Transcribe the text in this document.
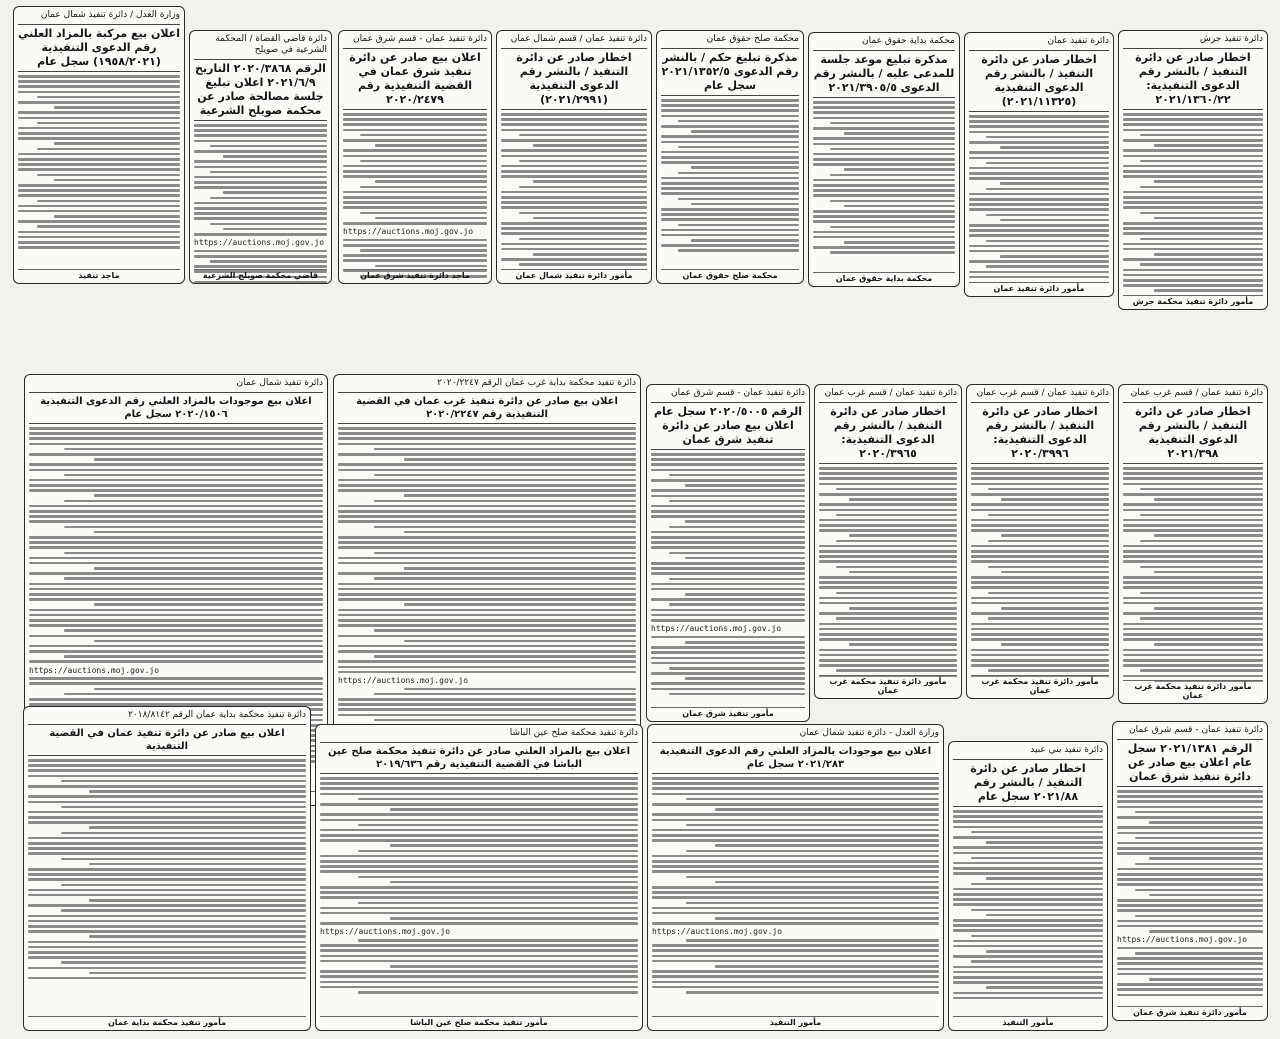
وزارة العدل / دائرة تنفيذ شمال عمان
اعلان بيع مركبة بالمزاد العلني رقم الدعوى التنفيذية (١٩٥٨/٢٠٢١) سجل عام
ماجد تنفيذ
دائرة قاضي القضاة / المحكمة الشرعية في صويلح
الرقم ٢٠٢٠/٣٨٦٨ التاريخ ٢٠٢١/٦/٩ اعلان تبليغ جلسة مصالحة صادر عن محكمة صويلح الشرعية
https://auctions.moj.gov.jo
قاضي محكمة صويلح الشرعية
دائرة تنفيذ عمان - قسم شرق عمان
اعلان بيع صادر عن دائرة تنفيذ شرق عمان في القضية التنفيذية رقم ٢٠٢٠/٢٤٧٩
https://auctions.moj.gov.jo
ماجد دائرة تنفيذ شرق عمان
دائرة تنفيذ عمان / قسم شمال عمان
اخطار صادر عن دائرة التنفيذ / بالنشر رقم الدعوى التنفيذية (٢٠٢١/٢٩٩١)
مأمور دائرة تنفيذ شمال عمان
محكمة صلح حقوق عمان
مذكرة تبليغ حكم / بالنشر رقم الدعوى ٢٠٢١/١٣٥٢/٥ سجل عام
محكمة صلح حقوق عمان
محكمة بداية حقوق عمان
مذكرة تبليغ موعد جلسة للمدعى عليه / بالنشر رقم الدعوى ٢٠٢١/٣٩٠٥/٥
محكمة بداية حقوق عمان
دائرة تنفيذ عمان
اخطار صادر عن دائرة التنفيذ / بالنشر رقم الدعوى التنفيذية (٢٠٢١/١١٣٢٥)
مأمور دائرة تنفيذ عمان
دائرة تنفيذ جرش
اخطار صادر عن دائرة التنفيذ / بالنشر رقم الدعوى التنفيذية: ٢٠٢١/١٣٦٠/٢٢
مأمور دائرة تنفيذ محكمة جرش
دائرة تنفيذ شمال عمان
اعلان بيع موجودات بالمزاد العلني رقم الدعوى التنفيذية ٢٠٢٠/١٥٠٦ سجل عام
https://auctions.moj.gov.jo
دائرة تنفيذ محكمة بداية غرب عمان الرقم ٢٠٢٠/٢٢٤٧
اعلان بيع صادر عن دائرة تنفيذ غرب عمان في القضية التنفيذية رقم ٢٠٢٠/٢٢٤٧
https://auctions.moj.gov.jo
دائرة تنفيذ عمان - قسم شرق عمان
الرقم ٢٠٢٠/٥٠٠٥ سجل عام اعلان بيع صادر عن دائرة تنفيذ شرق عمان
https://auctions.moj.gov.jo
مأمور تنفيذ شرق عمان
دائرة تنفيذ عمان / قسم غرب عمان
اخطار صادر عن دائرة التنفيذ / بالنشر رقم الدعوى التنفيذية: ٢٠٢٠/٣٩٦٥
مأمور دائرة تنفيذ محكمة غرب عمان
دائرة تنفيذ عمان / قسم غرب عمان
اخطار صادر عن دائرة التنفيذ / بالنشر رقم الدعوى التنفيذية: ٢٠٢٠/٣٩٩٦
مأمور دائرة تنفيذ محكمة غرب عمان
دائرة تنفيذ عمان / قسم غرب عمان
اخطار صادر عن دائرة التنفيذ / بالنشر رقم الدعوى التنفيذية ٢٠٢١/٣٩٨
مأمور دائرة تنفيذ محكمة غرب عمان
دائرة تنفيذ محكمة بداية عمان الرقم ٢٠١٨/٨١٤٢
اعلان بيع صادر عن دائرة تنفيذ عمان في القضية التنفيذية
مأمور تنفيذ محكمة بداية عمان
دائرة تنفيذ محكمة صلح عين الباشا
اعلان بيع بالمزاد العلني صادر عن دائرة تنفيذ محكمة صلح عين الباشا في القضية التنفيذية رقم ٢٠١٩/٦٣٦
https://auctions.moj.gov.jo
مأمور تنفيذ محكمة صلح عين الباشا
وزارة العدل - دائرة تنفيذ شمال عمان
اعلان بيع موجودات بالمزاد العلني رقم الدعوى التنفيذية ٢٠٢١/٢٨٣ سجل عام
https://auctions.moj.gov.jo
مأمور التنفيذ
دائرة تنفيذ بني عبيد
اخطار صادر عن دائرة التنفيذ / بالنشر رقم ٢٠٢١/٨٨ سجل عام
مأمور التنفيذ
دائرة تنفيذ عمان - قسم شرق عمان
الرقم ٢٠٢١/١٣٨١ سجل عام اعلان بيع صادر عن دائرة تنفيذ شرق عمان
https://auctions.moj.gov.jo
مأمور دائرة تنفيذ شرق عمان
